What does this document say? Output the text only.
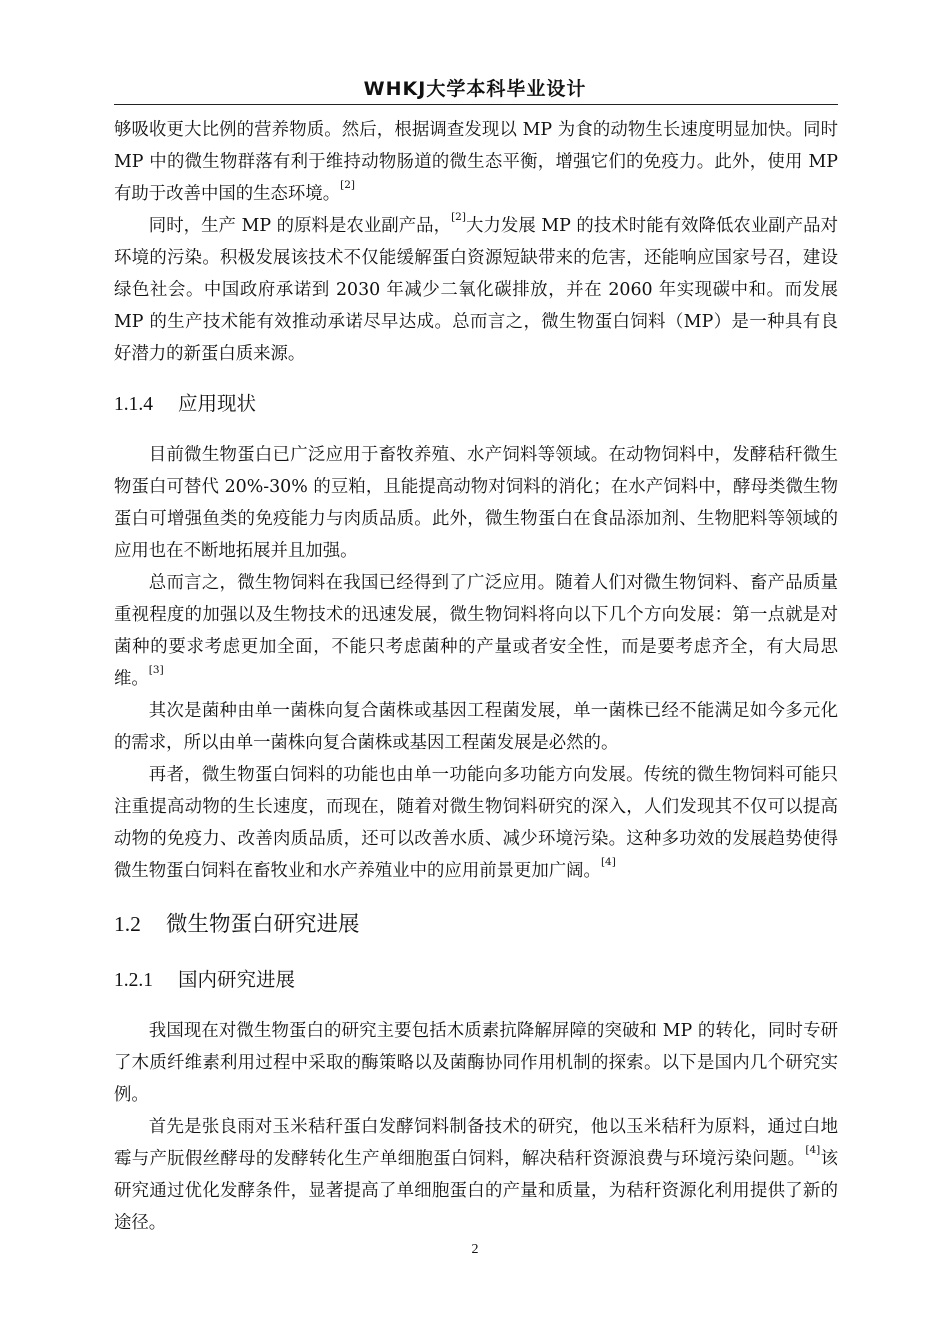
WHKJ大学本科毕业设计

够吸收更大比例的营养物质。然后，根据调查发现以 MP 为食的动物生长速度明显加快。同时 MP 中的微生物群落有利于维持动物肠道的微生态平衡，增强它们的免疫力。此外，使用 MP 有助于改善中国的生态环境。[2]

同时，生产 MP 的原料是农业副产品，[2]大力发展 MP 的技术时能有效降低农业副产品对环境的污染。积极发展该技术不仅能缓解蛋白资源短缺带来的危害，还能响应国家号召，建设绿色社会。中国政府承诺到 2030 年减少二氧化碳排放，并在 2060 年实现碳中和。而发展 MP 的生产技术能有效推动承诺尽早达成。总而言之，微生物蛋白饲料（MP）是一种具有良好潜力的新蛋白质来源。

1.1.4 应用现状

目前微生物蛋白已广泛应用于畜牧养殖、水产饲料等领域。在动物饲料中，发酵秸秆微生物蛋白可替代 20%-30% 的豆粕，且能提高动物对饲料的消化；在水产饲料中，酵母类微生物蛋白可增强鱼类的免疫能力与肉质品质。此外，微生物蛋白在食品添加剂、生物肥料等领域的应用也在不断地拓展并且加强。

总而言之，微生物饲料在我国已经得到了广泛应用。随着人们对微生物饲料、畜产品质量重视程度的加强以及生物技术的迅速发展，微生物饲料将向以下几个方向发展：第一点就是对菌种的要求考虑更加全面，不能只考虑菌种的产量或者安全性，而是要考虑齐全，有大局思维。[3]

其次是菌种由单一菌株向复合菌株或基因工程菌发展，单一菌株已经不能满足如今多元化的需求，所以由单一菌株向复合菌株或基因工程菌发展是必然的。

再者，微生物蛋白饲料的功能也由单一功能向多功能方向发展。传统的微生物饲料可能只注重提高动物的生长速度，而现在，随着对微生物饲料研究的深入，人们发现其不仅可以提高动物的免疫力、改善肉质品质，还可以改善水质、减少环境污染。这种多功效的发展趋势使得微生物蛋白饲料在畜牧业和水产养殖业中的应用前景更加广阔。[4]

1.2 微生物蛋白研究进展
1.2.1 国内研究进展

我国现在对微生物蛋白的研究主要包括木质素抗降解屏障的突破和 MP 的转化，同时专研了木质纤维素利用过程中采取的酶策略以及菌酶协同作用机制的探索。以下是国内几个研究实例。

首先是张良雨对玉米秸秆蛋白发酵饲料制备技术的研究，他以玉米秸秆为原料，通过白地霉与产朊假丝酵母的发酵转化生产单细胞蛋白饲料，解决秸秆资源浪费与环境污染问题。[4]该研究通过优化发酵条件，显著提高了单细胞蛋白的产量和质量，为秸秆资源化利用提供了新的途径。

2
